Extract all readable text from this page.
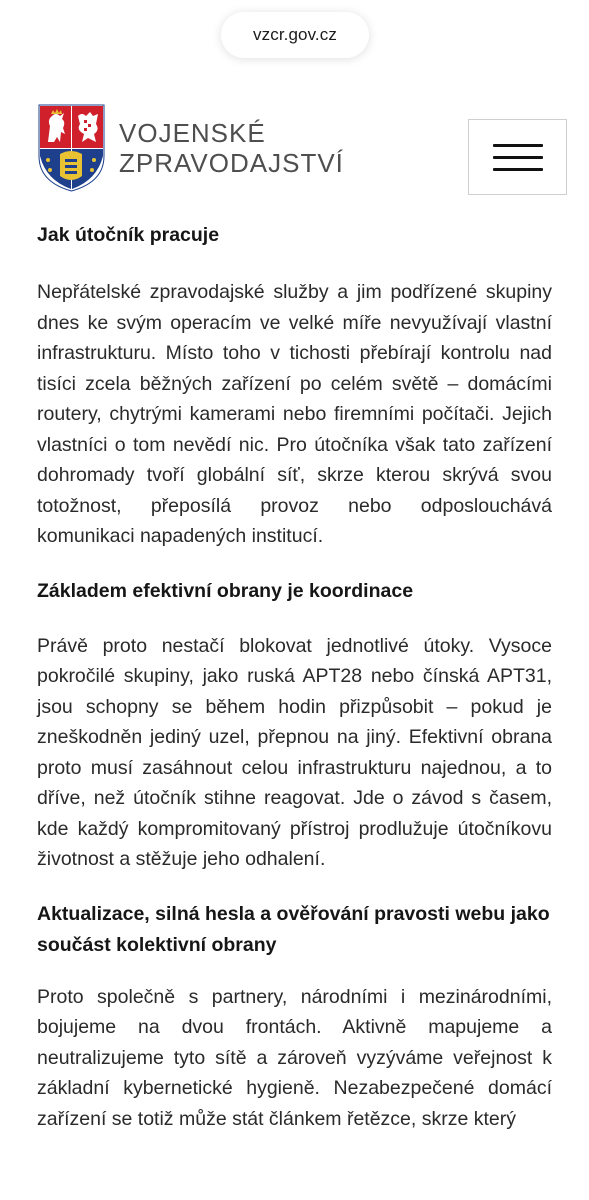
vzcr.gov.cz
VOJENSKÉ
ZPRAVODAJSTVÍ
Jak útočník pracuje

Nepřátelské zpravodajské služby a jim podřízené skupiny dnes ke svým operacím ve velké míře nevyužívají vlastní infrastrukturu. Místo toho v tichosti přebírají kontrolu nad tisíci zcela běžných zařízení po celém světě – domácími routery, chytrými kamerami nebo firemními počítači. Jejich vlastníci o tom nevědí nic. Pro útočníka však tato zařízení dohromady tvoří globální síť, skrze kterou skrývá svou totožnost, přeposílá provoz nebo odposlouchává komunikaci napadených institucí.

Základem efektivní obrany je koordinace

Právě proto nestačí blokovat jednotlivé útoky. Vysoce pokročilé skupiny, jako ruská APT28 nebo čínská APT31, jsou schopny se během hodin přizpůsobit – pokud je zneškodněn jediný uzel, přepnou na jiný. Efektivní obrana proto musí zasáhnout celou infrastrukturu najednou, a to dříve, než útočník stihne reagovat. Jde o závod s časem, kde každý kompromitovaný přístroj prodlužuje útočníkovu životnost a stěžuje jeho odhalení.

Aktualizace, silná hesla a ověřování pravosti webu jako součást kolektivní obrany

Proto společně s partnery, národními i mezinárodními, bojujeme na dvou frontách. Aktivně mapujeme a neutralizujeme tyto sítě a zároveň vyzýváme veřejnost k základní kybernetické hygieně. Nezabezpečené domácí zařízení se totiž může stát článkem řetězce, skrze který
